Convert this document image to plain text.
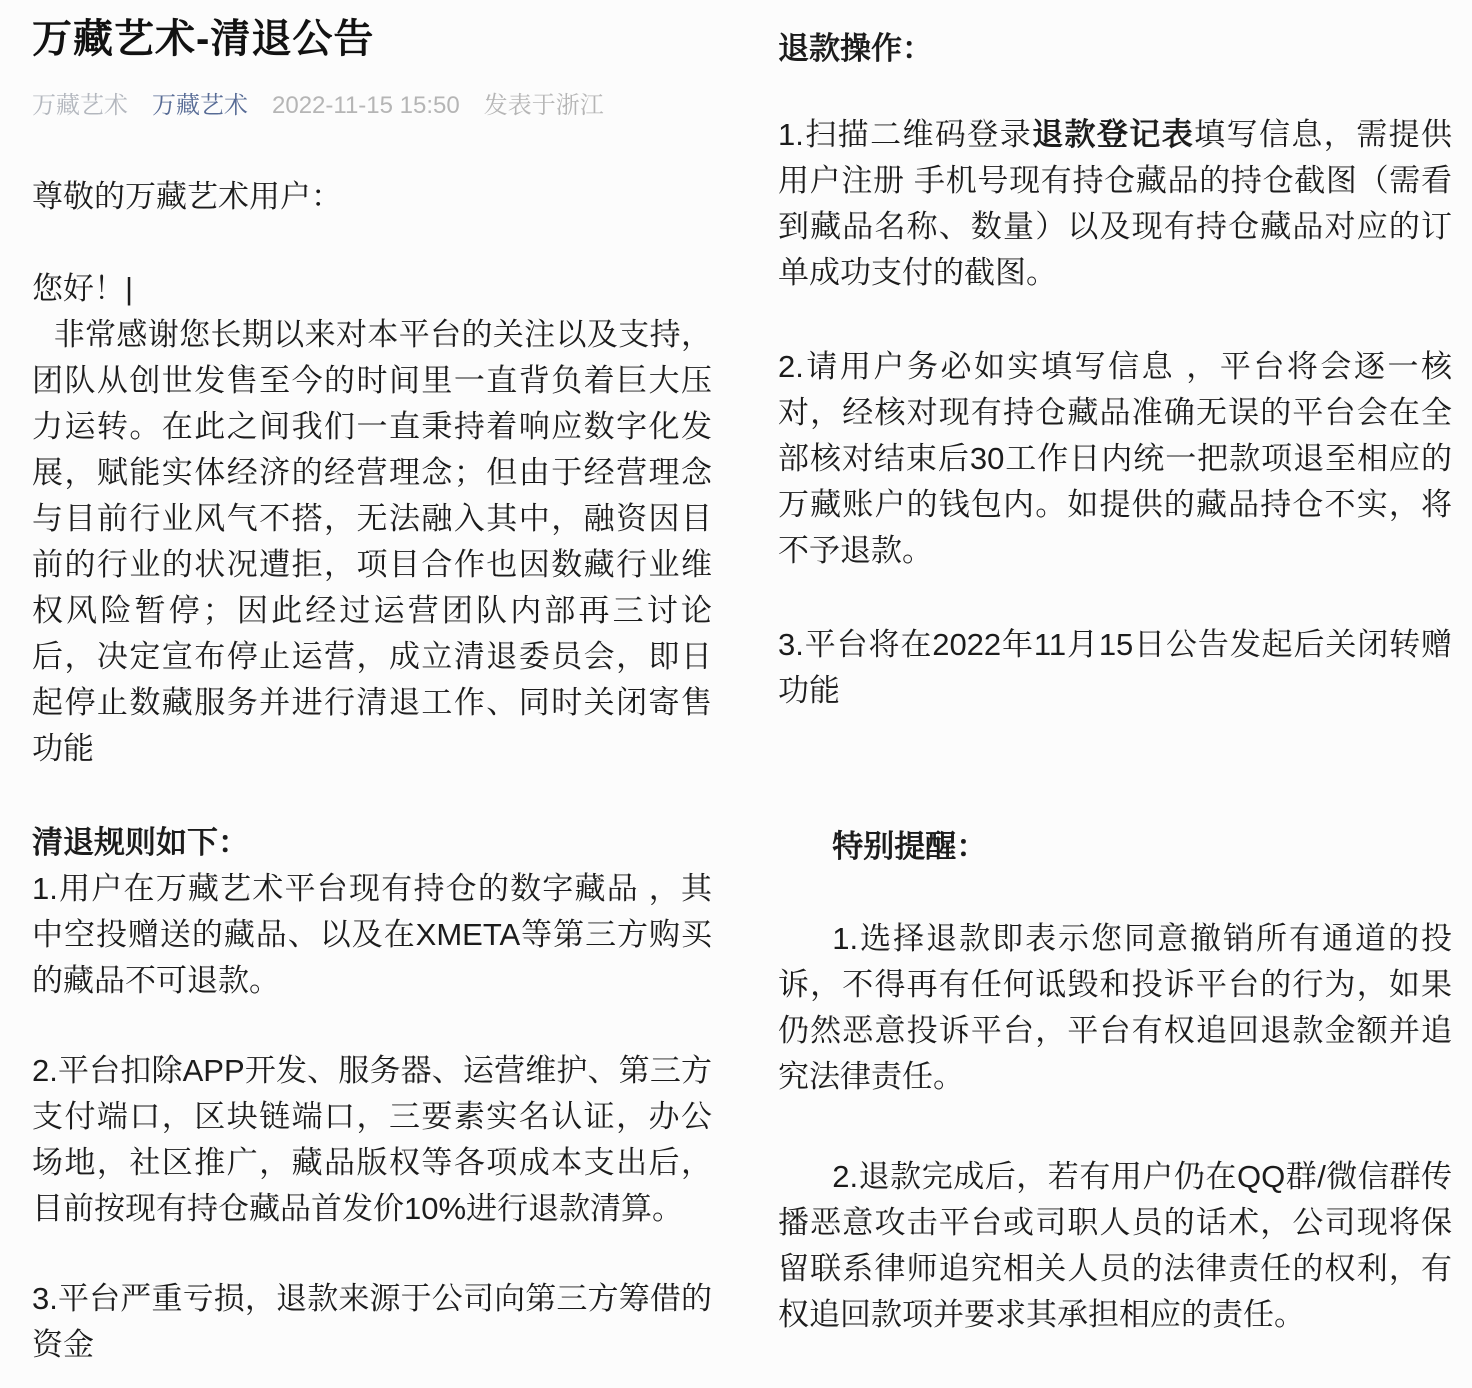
万藏艺术-清退公告
万藏艺术 万藏艺术 2022-11-15 15:50 发表于浙江

尊敬的万藏艺术用户：

您好！|

非常感谢您长期以来对本平台的关注以及支持，团队从创世发售至今的时间里一直背负着巨大压力运转。在此之间我们一直秉持着响应数字化发展，赋能实体经济的经营理念；但由于经营理念与目前行业风气不搭，无法融入其中，融资因目前的行业的状况遭拒，项目合作也因数藏行业维权风险暂停；因此经过运营团队内部再三讨论后，决定宣布停止运营，成立清退委员会，即日起停止数藏服务并进行清退工作、同时关闭寄售功能

清退规则如下：

1.用户在万藏艺术平台现有持仓的数字藏品 ，其中空投赠送的藏品、以及在XMETA等第三方购买的藏品不可退款。

2.平台扣除APP开发、服务器、运营维护、第三方支付端口，区块链端口，三要素实名认证，办公场地，社区推广，藏品版权等各项成本支出后，目前按现有持仓藏品首发价10%进行退款清算。

3.平台严重亏损，退款来源于公司向第三方筹借的资金

退款操作：

1.扫描二维码登录退款登记表填写信息，需提供用户注册 手机号现有持仓藏品的持仓截图（需看到藏品名称、数量）以及现有持仓藏品对应的订单成功支付的截图。

2.请用户务必如实填写信息 ，平台将会逐一核对，经核对现有持仓藏品准确无误的平台会在全部核对结束后30工作日内统一把款项退至相应的万藏账户的钱包内。如提供的藏品持仓不实，将不予退款。

3.平台将在2022年11月15日公告发起后关闭转赠功能

特别提醒：

1.选择退款即表示您同意撤销所有通道的投诉，不得再有任何诋毁和投诉平台的行为，如果仍然恶意投诉平台，平台有权追回退款金额并追究法律责任。

2.退款完成后，若有用户仍在QQ群/微信群传播恶意攻击平台或司职人员的话术，公司现将保留联系律师追究相关人员的法律责任的权利，有权追回款项并要求其承担相应的责任。
